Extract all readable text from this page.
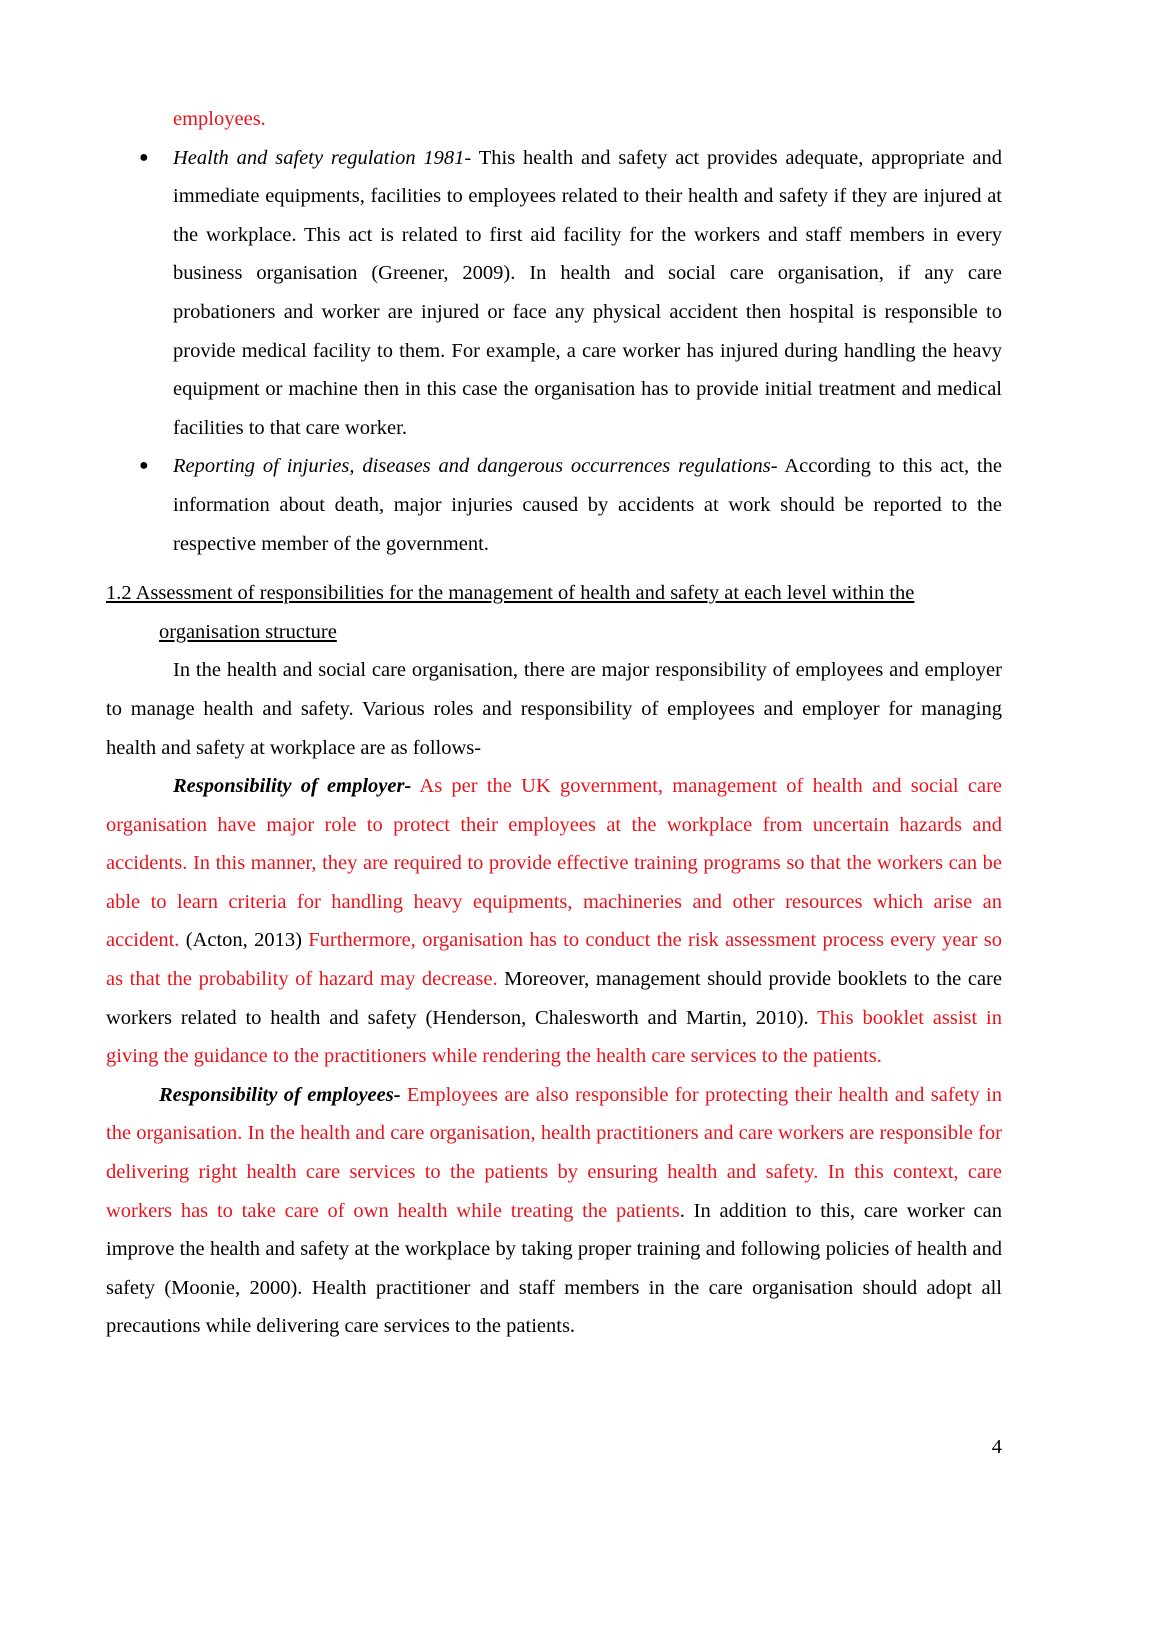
employees.

● Health and safety regulation 1981- This health and safety act provides adequate, appropriate and immediate equipments, facilities to employees related to their health and safety if they are injured at the workplace. This act is related to first aid facility for the workers and staff members in every business organisation (Greener, 2009). In health and social care organisation, if any care probationers and worker are injured or face any physical accident then hospital is responsible to provide medical facility to them. For example, a care worker has injured during handling the heavy equipment or machine then in this case the organisation has to provide initial treatment and medical facilities to that care worker.

● Reporting of injuries, diseases and dangerous occurrences regulations- According to this act, the information about death, major injuries caused by accidents at work should be reported to the respective member of the government.

1.2 Assessment of responsibilities for the management of health and safety at each level within the organisation structure

In the health and social care organisation, there are major responsibility of employees and employer to manage health and safety. Various roles and responsibility of employees and employer for managing health and safety at workplace are as follows-

Responsibility of employer- As per the UK government, management of health and social care organisation have major role to protect their employees at the workplace from uncertain hazards and accidents. In this manner, they are required to provide effective training programs so that the workers can be able to learn criteria for handling heavy equipments, machineries and other resources which arise an accident. (Acton, 2013) Furthermore, organisation has to conduct the risk assessment process every year so as that the probability of hazard may decrease. Moreover, management should provide booklets to the care workers related to health and safety (Henderson, Chalesworth and Martin, 2010). This booklet assist in giving the guidance to the practitioners while rendering the health care services to the patients.

Responsibility of employees- Employees are also responsible for protecting their health and safety in the organisation. In the health and care organisation, health practitioners and care workers are responsible for delivering right health care services to the patients by ensuring health and safety. In this context, care workers has to take care of own health while treating the patients. In addition to this, care worker can improve the health and safety at the workplace by taking proper training and following policies of health and safety (Moonie, 2000). Health practitioner and staff members in the care organisation should adopt all precautions while delivering care services to the patients.

4
